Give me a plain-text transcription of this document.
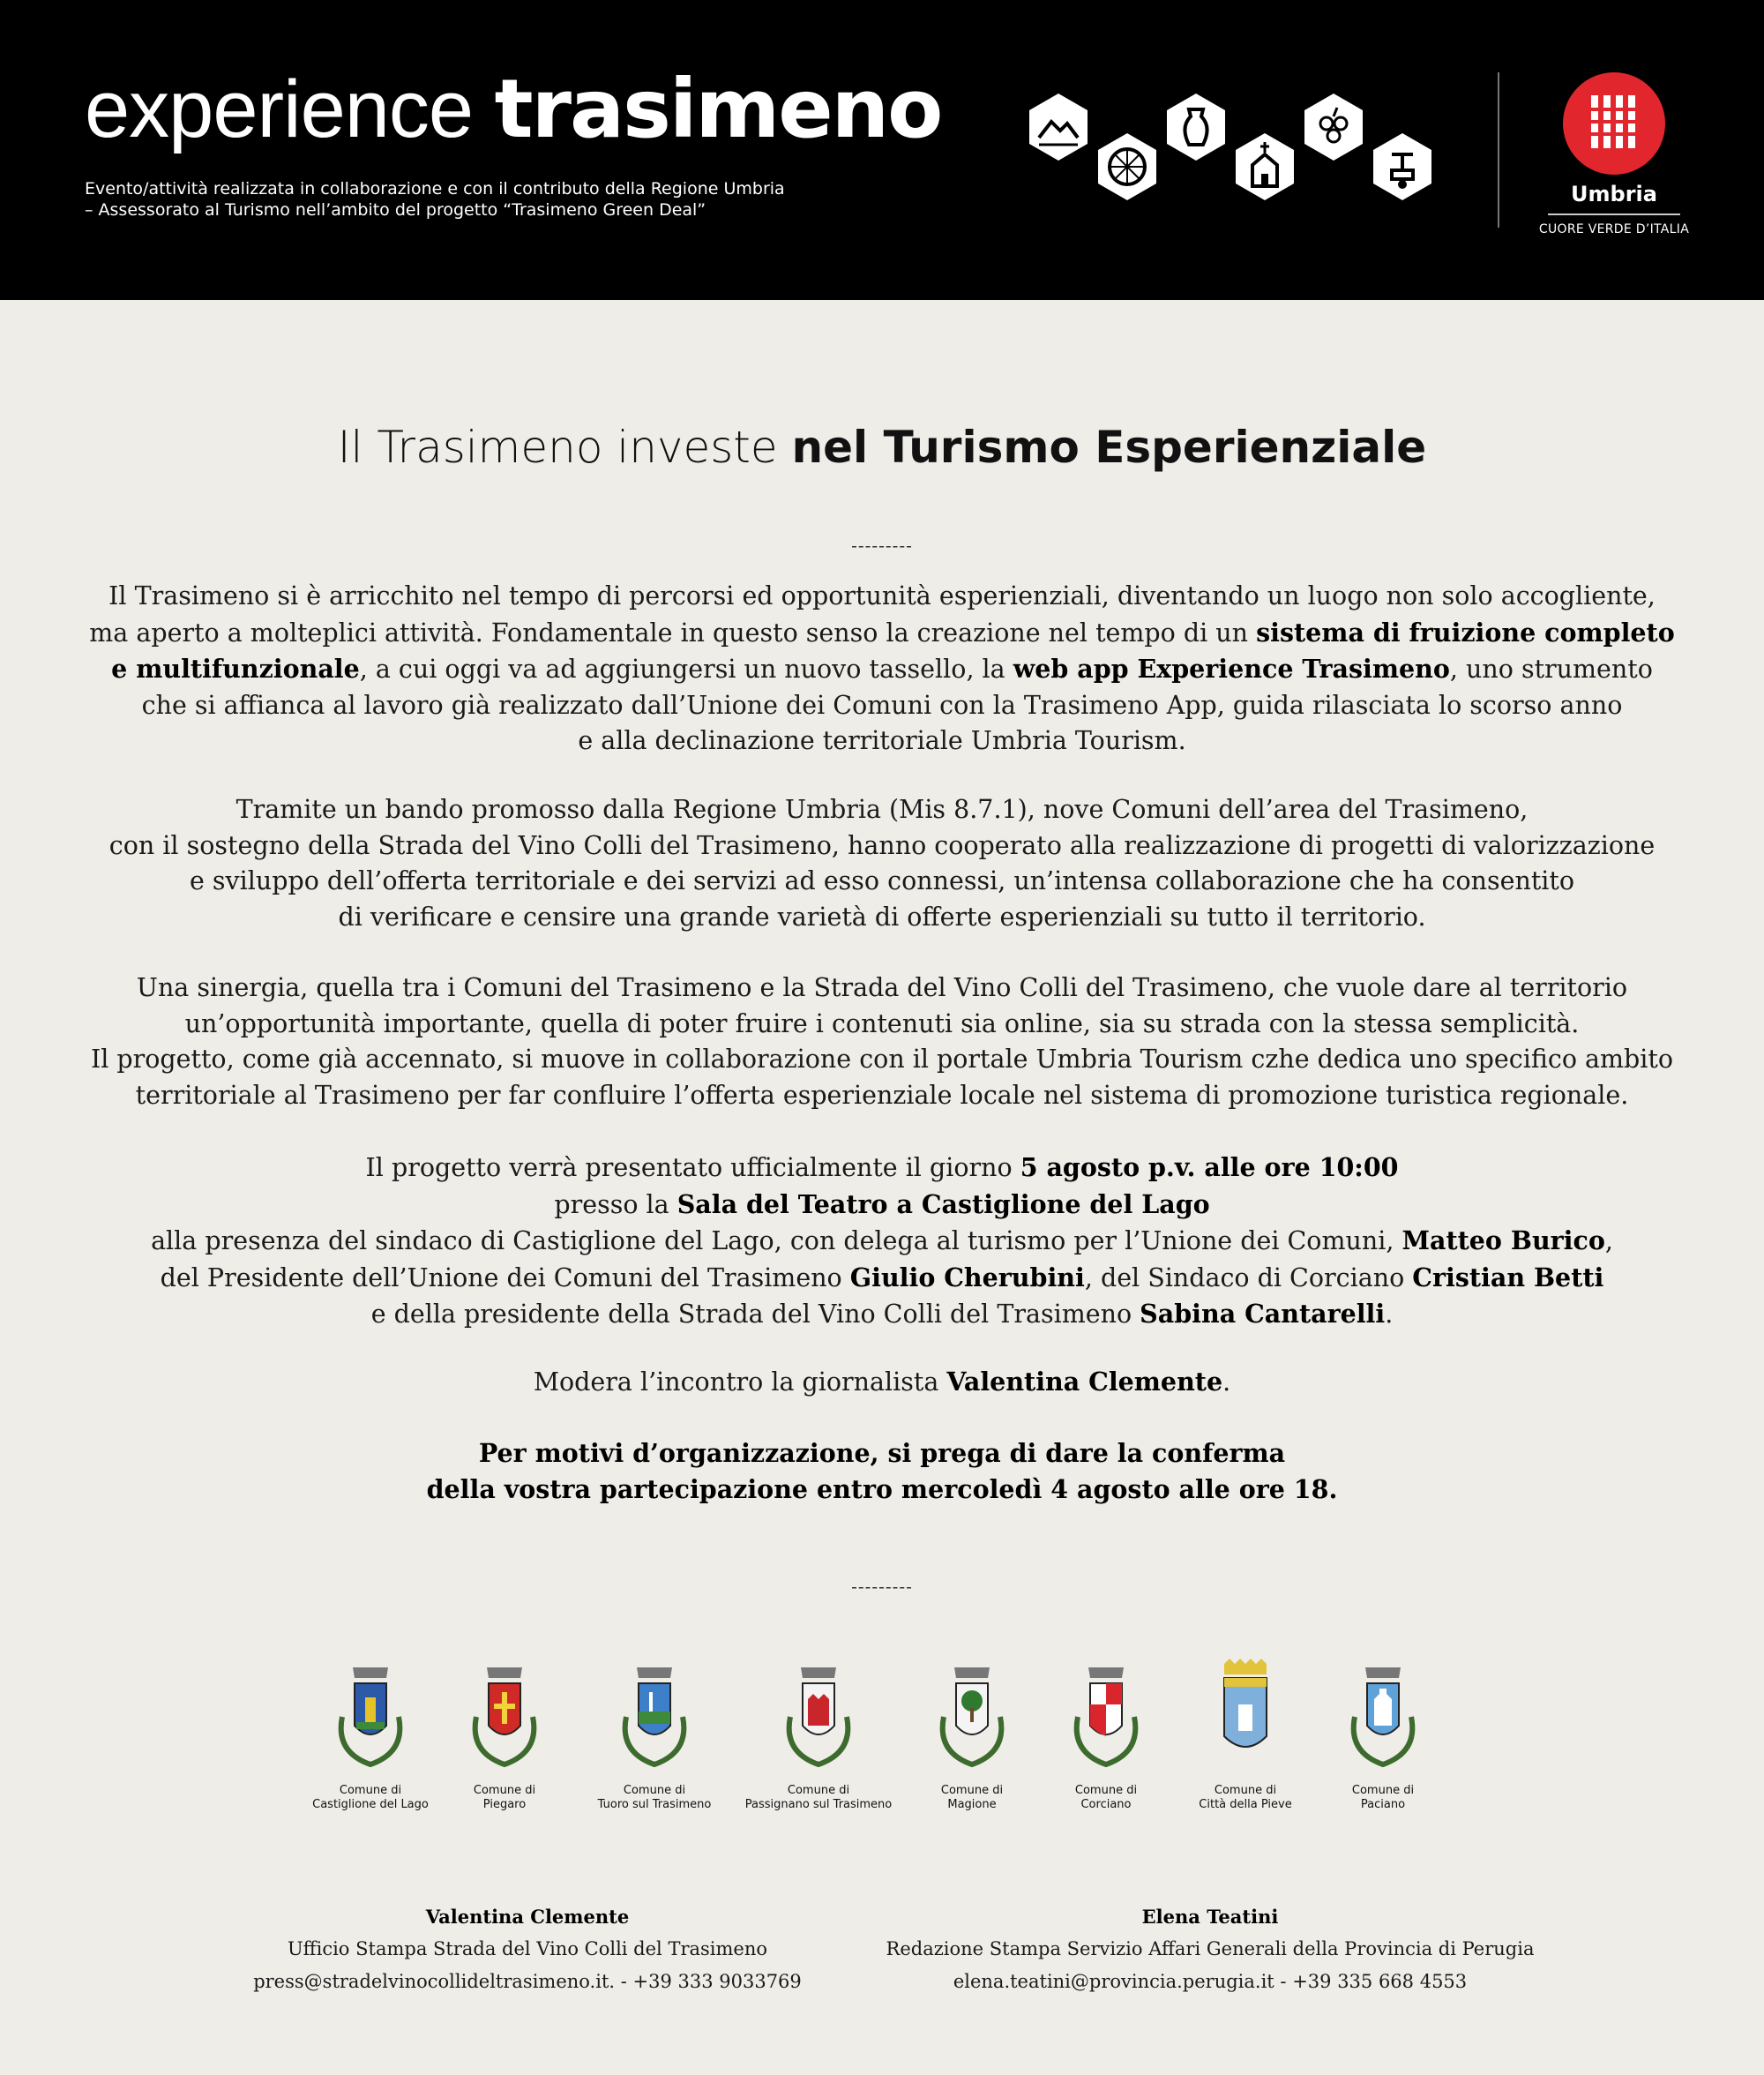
experience trasimeno
Evento/attività realizzata in collaborazione e con il contributo della Regione Umbria
– Assessorato al Turismo nell’ambito del progetto “Trasimeno Green Deal”
Umbria
CUORE VERDE D’ITALIA
Il Trasimeno investe nel Turismo Esperienziale
---------
Il Trasimeno si è arricchito nel tempo di percorsi ed opportunità esperienziali, diventando un luogo non solo accogliente,
ma aperto a molteplici attività. Fondamentale in questo senso la creazione nel tempo di un sistema di fruizione completo
e multifunzionale, a cui oggi va ad aggiungersi un nuovo tassello, la web app Experience Trasimeno, uno strumento
che si affianca al lavoro già realizzato dall’Unione dei Comuni con la Trasimeno App, guida rilasciata lo scorso anno
e alla declinazione territoriale Umbria Tourism.
Tramite un bando promosso dalla Regione Umbria (Mis 8.7.1), nove Comuni dell’area del Trasimeno,
con il sostegno della Strada del Vino Colli del Trasimeno, hanno cooperato alla realizzazione di progetti di valorizzazione
e sviluppo dell’offerta territoriale e dei servizi ad esso connessi, un’intensa collaborazione che ha consentito
di verificare e censire una grande varietà di offerte esperienziali su tutto il territorio.
Una sinergia, quella tra i Comuni del Trasimeno e la Strada del Vino Colli del Trasimeno, che vuole dare al territorio
un’opportunità importante, quella di poter fruire i contenuti sia online, sia su strada con la stessa semplicità.
Il progetto, come già accennato, si muove in collaborazione con il portale Umbria Tourism czhe dedica uno specifico ambito
territoriale al Trasimeno per far confluire l’offerta esperienziale locale nel sistema di promozione turistica regionale.
Il progetto verrà presentato ufficialmente il giorno 5 agosto p.v. alle ore 10:00
presso la Sala del Teatro a Castiglione del Lago
alla presenza del sindaco di Castiglione del Lago, con delega al turismo per l’Unione dei Comuni, Matteo Burico,
del Presidente dell’Unione dei Comuni del Trasimeno Giulio Cherubini, del Sindaco di Corciano Cristian Betti
e della presidente della Strada del Vino Colli del Trasimeno Sabina Cantarelli.
Modera l’incontro la giornalista Valentina Clemente.
Per motivi d’organizzazione, si prega di dare la conferma
della vostra partecipazione entro mercoledì 4 agosto alle ore 18.
---------
Comune di
Castiglione del Lago
Comune di
Piegaro
Comune di
Tuoro sul Trasimeno
Comune di
Passignano sul Trasimeno
Comune di
Magione
Comune di
Corciano
Comune di
Città della Pieve
Comune di
Paciano
Valentina Clemente
Ufficio Stampa Strada del Vino Colli del Trasimeno
press@stradelvinocollideltrasimeno.it. - +39 333 9033769
Elena Teatini
Redazione Stampa Servizio Affari Generali della Provincia di Perugia
elena.teatini@provincia.perugia.it - +39 335 668 4553
